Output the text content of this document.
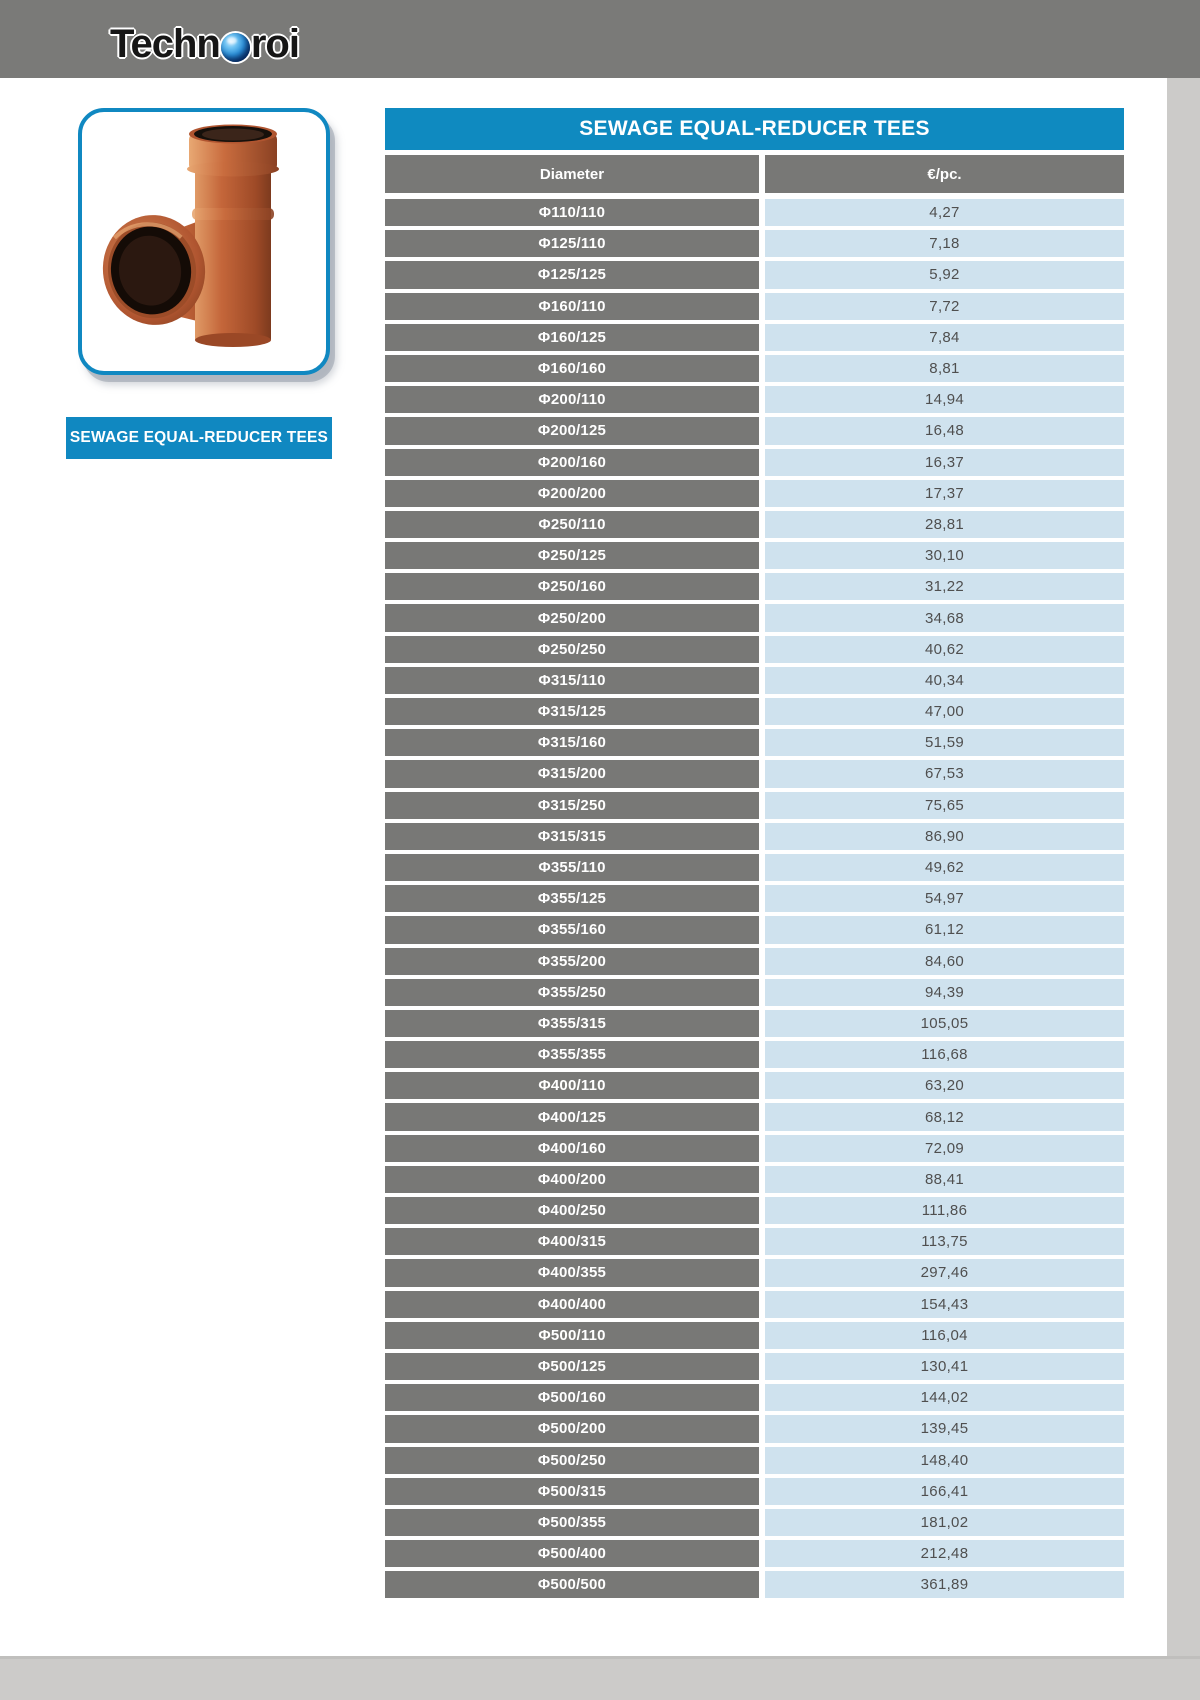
Techn roi
SEWAGE EQUAL-REDUCER TEES
SEWAGE EQUAL-REDUCER TEES
Diameter	€/pc.
Φ110/110	4,27
Φ125/110	7,18
Φ125/125	5,92
Φ160/110	7,72
Φ160/125	7,84
Φ160/160	8,81
Φ200/110	14,94
Φ200/125	16,48
Φ200/160	16,37
Φ200/200	17,37
Φ250/110	28,81
Φ250/125	30,10
Φ250/160	31,22
Φ250/200	34,68
Φ250/250	40,62
Φ315/110	40,34
Φ315/125	47,00
Φ315/160	51,59
Φ315/200	67,53
Φ315/250	75,65
Φ315/315	86,90
Φ355/110	49,62
Φ355/125	54,97
Φ355/160	61,12
Φ355/200	84,60
Φ355/250	94,39
Φ355/315	105,05
Φ355/355	116,68
Φ400/110	63,20
Φ400/125	68,12
Φ400/160	72,09
Φ400/200	88,41
Φ400/250	111,86
Φ400/315	113,75
Φ400/355	297,46
Φ400/400	154,43
Φ500/110	116,04
Φ500/125	130,41
Φ500/160	144,02
Φ500/200	139,45
Φ500/250	148,40
Φ500/315	166,41
Φ500/355	181,02
Φ500/400	212,48
Φ500/500	361,89
